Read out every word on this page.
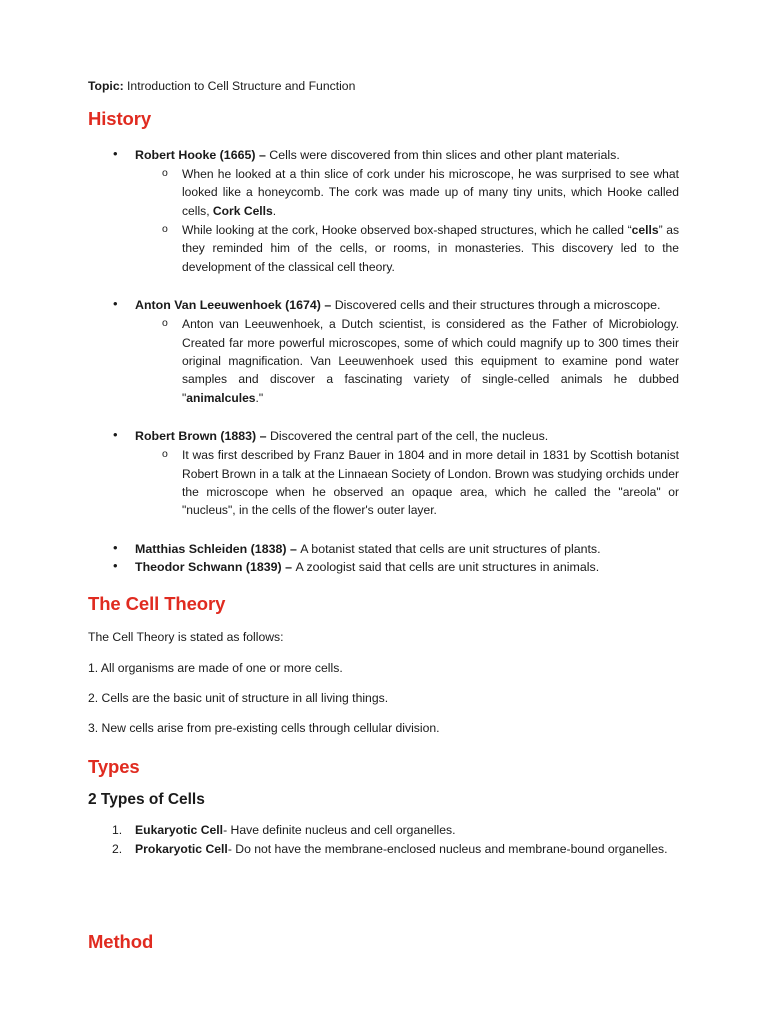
Topic: Introduction to Cell Structure and Function

History
• Robert Hooke (1665) – Cells were discovered from thin slices and other plant materials.
o When he looked at a thin slice of cork under his microscope, he was surprised to see what looked like a honeycomb. The cork was made up of many tiny units, which Hooke called cells, Cork Cells.
o While looking at the cork, Hooke observed box-shaped structures, which he called “cells” as they reminded him of the cells, or rooms, in monasteries. This discovery led to the development of the classical cell theory.
• Anton Van Leeuwenhoek (1674) – Discovered cells and their structures through a microscope.
o Anton van Leeuwenhoek, a Dutch scientist, is considered as the Father of Microbiology. Created far more powerful microscopes, some of which could magnify up to 300 times their original magnification. Van Leeuwenhoek used this equipment to examine pond water samples and discover a fascinating variety of single-celled animals he dubbed "animalcules."
• Robert Brown (1883) – Discovered the central part of the cell, the nucleus.
o It was first described by Franz Bauer in 1804 and in more detail in 1831 by Scottish botanist Robert Brown in a talk at the Linnaean Society of London. Brown was studying orchids under the microscope when he observed an opaque area, which he called the "areola" or "nucleus", in the cells of the flower's outer layer.
• Matthias Schleiden (1838) – A botanist stated that cells are unit structures of plants.
• Theodor Schwann (1839) – A zoologist said that cells are unit structures in animals.
The Cell Theory

The Cell Theory is stated as follows:

1. All organisms are made of one or more cells.

2. Cells are the basic unit of structure in all living things.

3. New cells arise from pre-existing cells through cellular division.

Types
2 Types of Cells
Eukaryotic Cell- Have definite nucleus and cell organelles.
Prokaryotic Cell- Do not have the membrane-enclosed nucleus and membrane-bound organelles.
Method
